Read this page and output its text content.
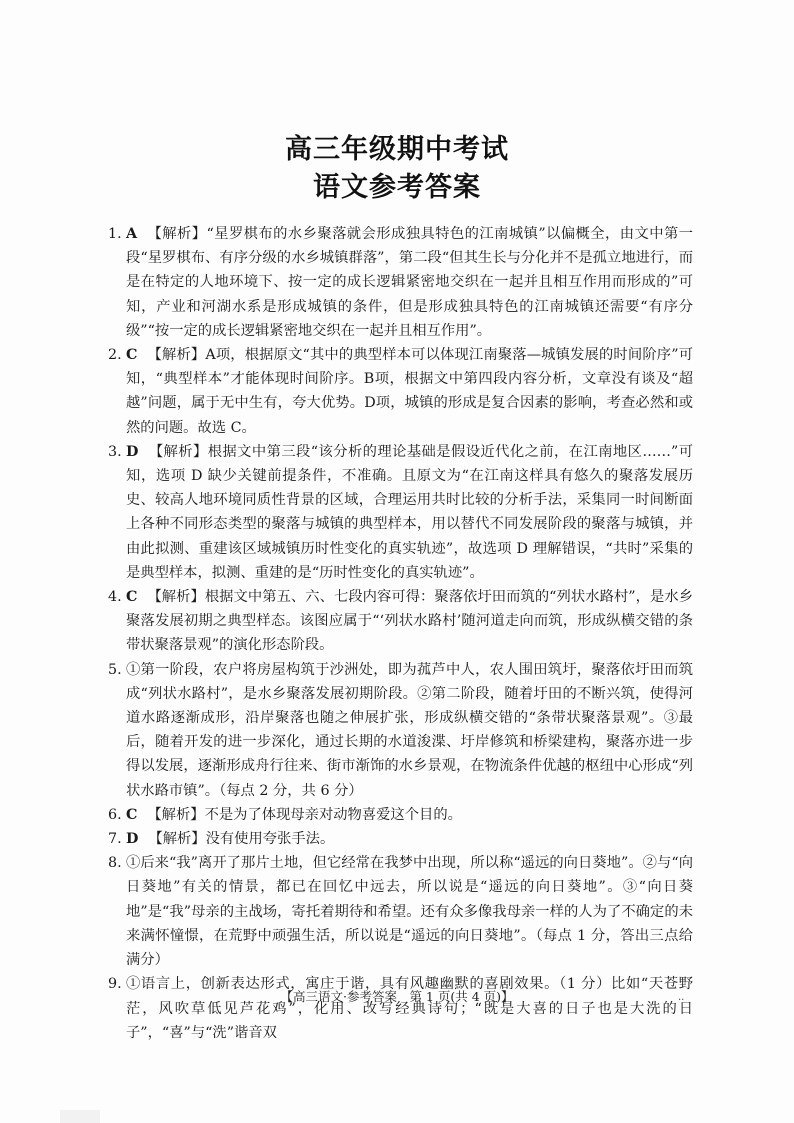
高三年级期中考试
语文参考答案
1. A 【解析】“星罗棋布的水乡聚落就会形成独具特色的江南城镇”以偏概全，由文中第一段“星罗棋布、有序分级的水乡城镇群落”，第二段“但其生长与分化并不是孤立地进行，而是在特定的人地环境下、按一定的成长逻辑紧密地交织在一起并且相互作用而形成的”可知，产业和河湖水系是形成城镇的条件，但是形成独具特色的江南城镇还需要“有序分级”“按一定的成长逻辑紧密地交织在一起并且相互作用”。
2. C 【解析】A项，根据原文“其中的典型样本可以体现江南聚落—城镇发展的时间阶序”可知，“典型样本”才能体现时间阶序。B项，根据文中第四段内容分析，文章没有谈及“超越”问题，属于无中生有，夸大优势。D项，城镇的形成是复合因素的影响，考查必然和或然的问题。故选 C。
3. D 【解析】根据文中第三段“该分析的理论基础是假设近代化之前，在江南地区……”可知，选项 D 缺少关键前提条件，不准确。且原文为“在江南这样具有悠久的聚落发展历史、较高人地环境同质性背景的区域，合理运用共时比较的分析手法，采集同一时间断面上各种不同形态类型的聚落与城镇的典型样本，用以替代不同发展阶段的聚落与城镇，并由此拟测、重建该区域城镇历时性变化的真实轨迹”，故选项 D 理解错误，“共时”采集的是典型样本，拟测、重建的是“历时性变化的真实轨迹”。
4. C 【解析】根据文中第五、六、七段内容可得：聚落依圩田而筑的“列状水路村”，是水乡聚落发展初期之典型样态。该图应属于“‘列状水路村’随河道走向而筑，形成纵横交错的条带状聚落景观”的演化形态阶段。
5. ①第一阶段，农户将房屋构筑于沙洲处，即为菰芦中人，农人围田筑圩，聚落依圩田而筑成“列状水路村”，是水乡聚落发展初期阶段。②第二阶段，随着圩田的不断兴筑，使得河道水路逐渐成形，沿岸聚落也随之伸展扩张，形成纵横交错的“条带状聚落景观”。③最后，随着开发的进一步深化，通过长期的水道浚渫、圩岸修筑和桥梁建构，聚落亦进一步得以发展，逐渐形成舟行往来、街市渐饰的水乡景观，在物流条件优越的枢纽中心形成“列状水路市镇”。（每点 2 分，共 6 分）
6. C 【解析】不是为了体现母亲对动物喜爱这个目的。
7. D 【解析】没有使用夸张手法。
8. ①后来“我”离开了那片土地，但它经常在我梦中出现，所以称“遥远的向日葵地”。②与“向日葵地”有关的情景，都已在回忆中远去，所以说是“遥远的向日葵地”。③“向日葵地”是“我”母亲的主战场，寄托着期待和希望。还有众多像我母亲一样的人为了不确定的未来满怀憧憬，在荒野中顽强生活，所以说是“遥远的向日葵地”。（每点 1 分，答出三点给满分）
9. ①语言上，创新表达形式，寓庄于谐，具有风趣幽默的喜剧效果。（1 分）比如“天苍野茫，风吹草低见芦花鸡”，化用、改写经典诗句；“既是大喜的日子也是大洗的日子”，“喜”与“洗”谐音双
【高三语文·参考答案　第 1 页(共 4 页)】	..
